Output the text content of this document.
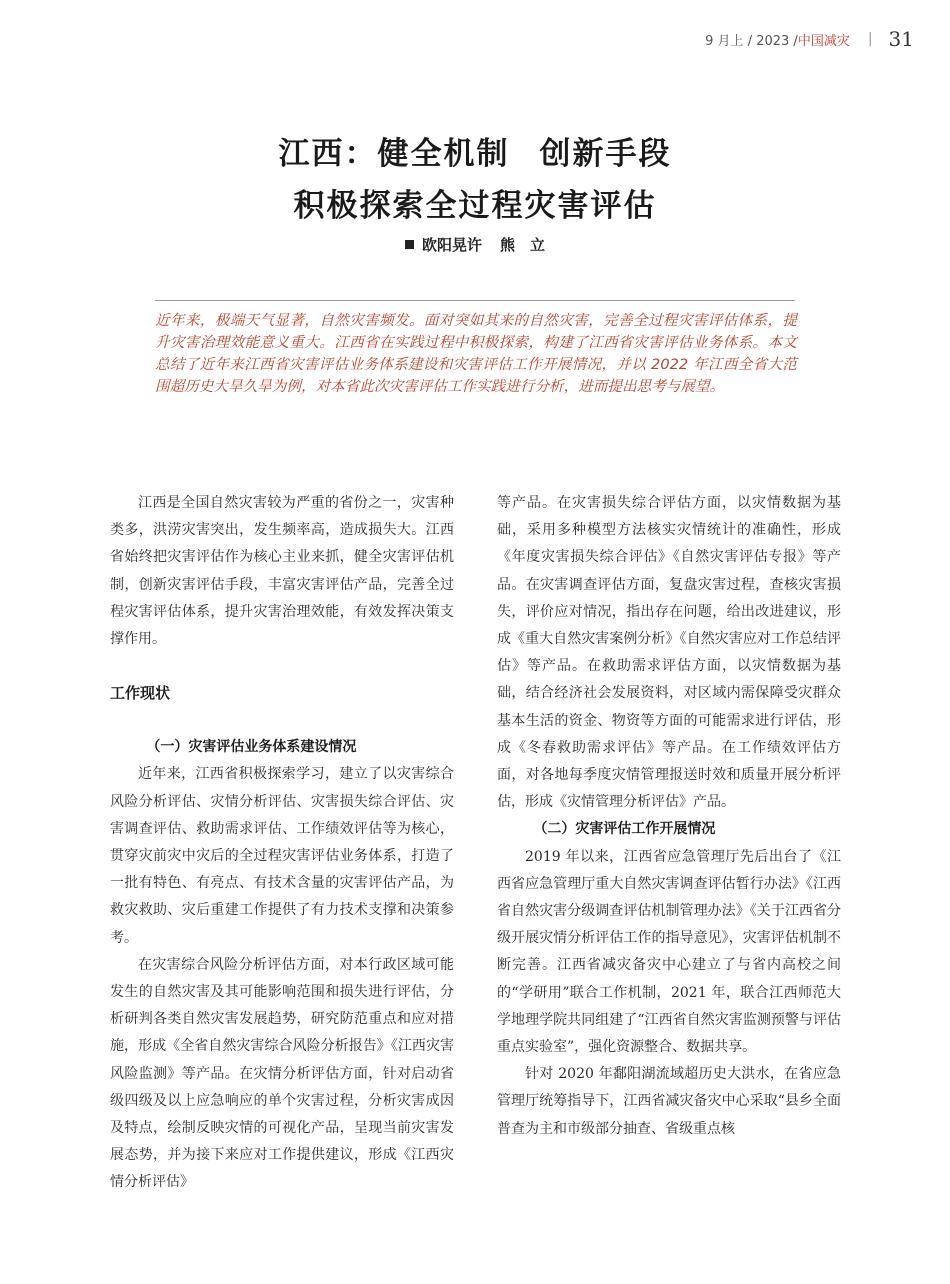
9 月上 / 2023 / 中国减灾 | 31
江西：健全机制 创新手段
积极探索全过程灾害评估
欧阳晃许 熊　立
近年来，极端天气显著，自然灾害频发。面对突如其来的自然灾害，完善全过程灾害评估体系，提升灾害治理效能意义重大。江西省在实践过程中积极探索，构建了江西省灾害评估业务体系。本文总结了近年来江西省灾害评估业务体系建设和灾害评估工作开展情况，并以 2022 年江西全省大范围超历史大旱久旱为例，对本省此次灾害评估工作实践进行分析，进而提出思考与展望。

江西是全国自然灾害较为严重的省份之一，灾害种类多，洪涝灾害突出，发生频率高，造成损失大。江西省始终把灾害评估作为核心主业来抓，健全灾害评估机制，创新灾害评估手段，丰富灾害评估产品，完善全过程灾害评估体系，提升灾害治理效能，有效发挥决策支撑作用。

工作现状
（一）灾害评估业务体系建设情况

近年来，江西省积极探索学习，建立了以灾害综合风险分析评估、灾情分析评估、灾害损失综合评估、灾害调查评估、救助需求评估、工作绩效评估等为核心，贯穿灾前灾中灾后的全过程灾害评估业务体系，打造了一批有特色、有亮点、有技术含量的灾害评估产品，为救灾救助、灾后重建工作提供了有力技术支撑和决策参考。

在灾害综合风险分析评估方面，对本行政区域可能发生的自然灾害及其可能影响范围和损失进行评估，分析研判各类自然灾害发展趋势，研究防范重点和应对措施，形成《全省自然灾害综合风险分析报告》《江西灾害风险监测》等产品。在灾情分析评估方面，针对启动省级四级及以上应急响应的单个灾害过程，分析灾害成因及特点，绘制反映灾情的可视化产品，呈现当前灾害发展态势，并为接下来应对工作提供建议，形成《江西灾情分析评估》

等产品。在灾害损失综合评估方面，以灾情数据为基础，采用多种模型方法核实灾情统计的准确性，形成《年度灾害损失综合评估》《自然灾害评估专报》等产品。在灾害调查评估方面，复盘灾害过程，查核灾害损失，评价应对情况，指出存在问题，给出改进建议，形成《重大自然灾害案例分析》《自然灾害应对工作总结评估》等产品。在救助需求评估方面，以灾情数据为基础，结合经济社会发展资料，对区域内需保障受灾群众基本生活的资金、物资等方面的可能需求进行评估，形成《冬春救助需求评估》等产品。在工作绩效评估方面，对各地每季度灾情管理报送时效和质量开展分析评估，形成《灾情管理分析评估》产品。

（二）灾害评估工作开展情况

2019 年以来，江西省应急管理厅先后出台了《江西省应急管理厅重大自然灾害调查评估暂行办法》《江西省自然灾害分级调查评估机制管理办法》《关于江西省分级开展灾情分析评估工作的指导意见》，灾害评估机制不断完善。江西省减灾备灾中心建立了与省内高校之间的“学研用”联合工作机制，2021 年，联合江西师范大学地理学院共同组建了“江西省自然灾害监测预警与评估重点实验室”，强化资源整合、数据共享。

针对 2020 年鄱阳湖流域超历史大洪水，在省应急管理厅统筹指导下，江西省减灾备灾中心采取“县乡全面普查为主和市级部分抽查、省级重点核
